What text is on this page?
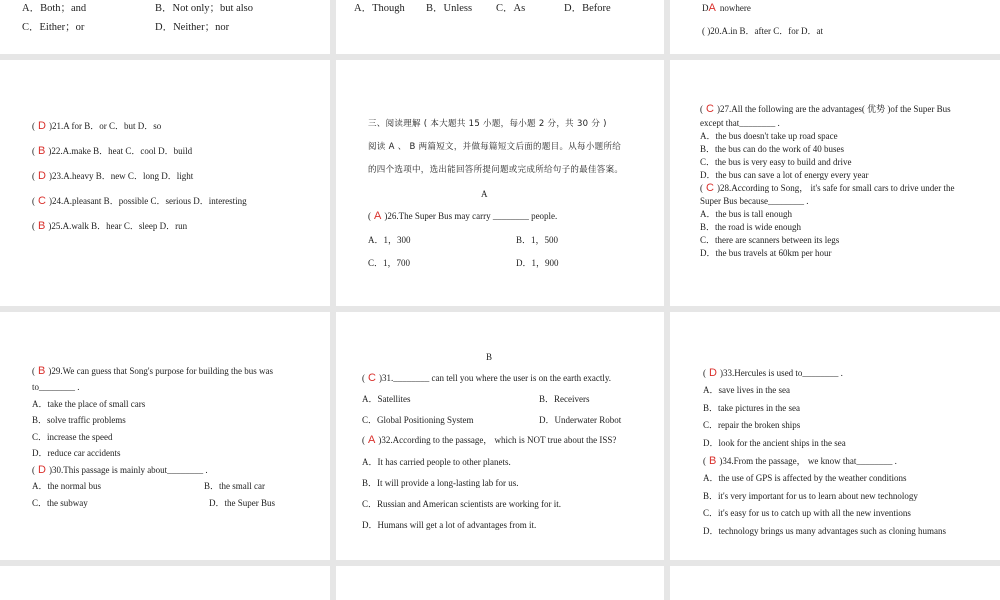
A．Both；and	B．Not only；but also
C．Either；or	D．Neither；nor
A．Though B．Unless C．As	D．Before	DA nowhere
( )20.A.in B．after C．for D．at
( D )21.A for B．or C．but D．so
( B )22.A.make B．heat C．cool D．build
( D )23.A.heavy B．new C．long D．light
( C )24.A.pleasant B．possible C．serious D．interesting
( B )25.A.walk B．hear C．sleep D．run
三、阅读理解 ( 本大题共 15 小题，每小题 2 分，共 30 分 )
阅读 A 、 B 两篇短文，并做每篇短文后面的题目。从每小题所给
的四个选项中，选出能回答所提问题或完成所给句子的最佳答案。
A
( A )26.The Super Bus may carry ________ people.
A．1，300	B．1，500
C．1，700	D．1，900
( C )27.All the following are the advantages( 优势 )of the Super Bus
except that________ .
A．the bus doesn't take up road space
B．the bus can do the work of 40 buses
C．the bus is very easy to build and drive
D．the bus can save a lot of energy every year
( C )28.According to Song， it's safe for small cars to drive under the
Super Bus because________ .
A．the bus is tall enough
B．the road is wide enough
C．there are scanners between its legs
D．the bus travels at 60km per hour
( B )29.We can guess that Song's purpose for building the bus was
to________ .
A．take the place of small cars
B．solve traffic problems
C．increase the speed
D．reduce car accidents
( D )30.This passage is mainly about________ .
A．the normal bus	B．the small car
C．the subway	D．the Super Bus
B
( C )31.________ can tell you where the user is on the earth exactly.
A．Satellites	B．Receivers
C．Global Positioning System	D．Underwater Robot
( A )32.According to the passage， which is NOT true about the ISS?
A．It has carried people to other planets.
B．It will provide a long-lasting lab for us.
C．Russian and American scientists are working for it.
D．Humans will get a lot of advantages from it.
( D )33.Hercules is used to________ .
A．save lives in the sea
B．take pictures in the sea
C．repair the broken ships
D．look for the ancient ships in the sea
( B )34.From the passage， we know that________ .
A．the use of GPS is affected by the weather conditions
B．it's very important for us to learn about new technology
C．it's easy for us to catch up with all the new inventions
D．technology brings us many advantages such as cloning humans
